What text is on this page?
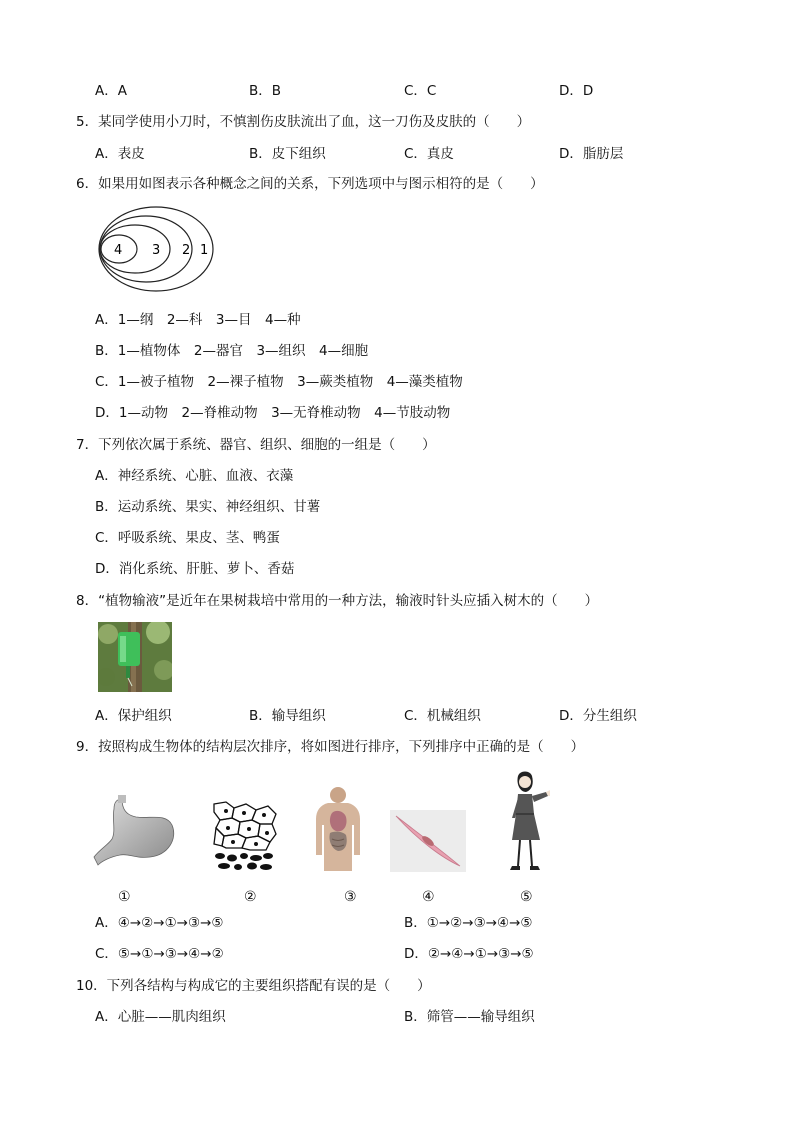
A．A	B．B	C．C	D．D
5．某同学使用小刀时，不慎割伤皮肤流出了血，这一刀伤及皮肤的（　　）
A．表皮	B．皮下组织	C．真皮	D．脂肪层
6．如果用如图表示各种概念之间的关系，下列选项中与图示相符的是（　　）
4 3 2 1
A．1—纲　2—科　3—目　4—种
B．1—植物体　2—器官　3—组织　4—细胞
C．1—被子植物　2—裸子植物　3—蕨类植物　4—藻类植物
D．1—动物　2—脊椎动物　3—无脊椎动物　4—节肢动物
7．下列依次属于系统、器官、组织、细胞的一组是（　　）
A．神经系统、心脏、血液、衣藻
B．运动系统、果实、神经组织、甘薯
C．呼吸系统、果皮、茎、鸭蛋
D．消化系统、肝脏、萝卜、香菇
8．“植物输液”是近年在果树栽培中常用的一种方法，输液时针头应插入树木的（　　）
A．保护组织	B．输导组织	C．机械组织	D．分生组织
9．按照构成生物体的结构层次排序，将如图进行排序，下列排序中正确的是（　　）
①	②	③	④	⑤
A．④→②→①→③→⑤	B．①→②→③→④→⑤
C．⑤→①→③→④→②	D．②→④→①→③→⑤
10．下列各结构与构成它的主要组织搭配有误的是（　　）
A．心脏——肌肉组织	B．筛管——输导组织
